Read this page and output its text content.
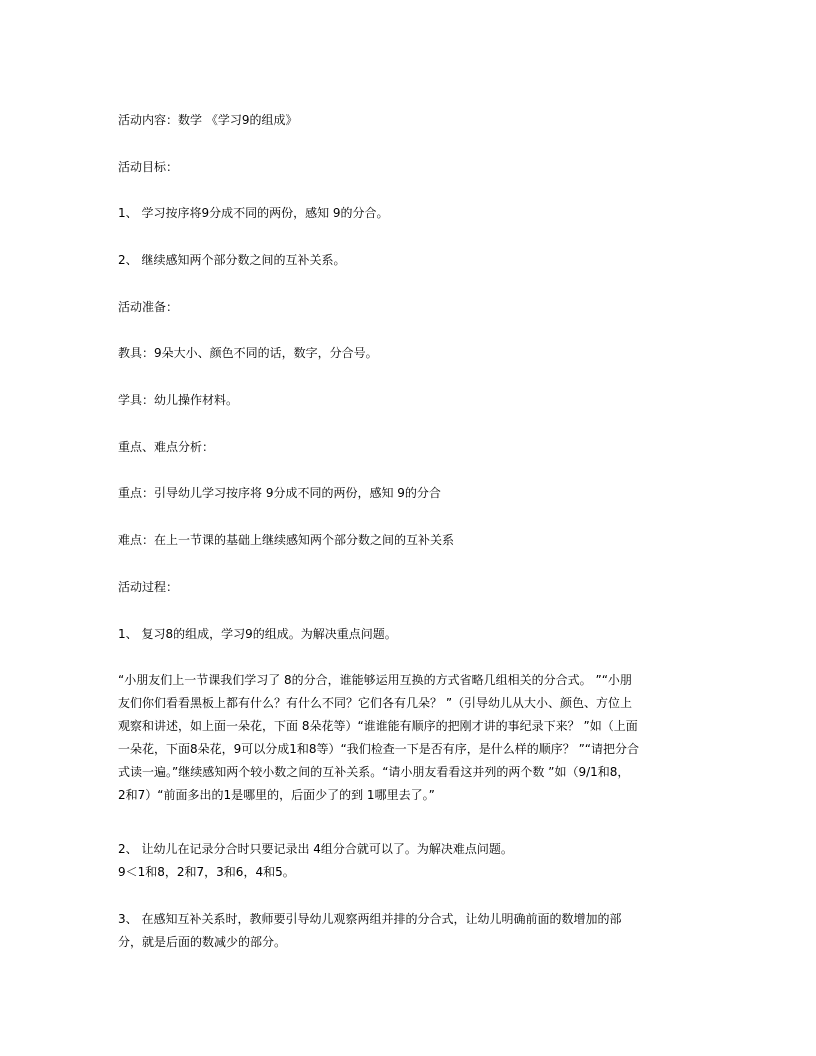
活动内容：数学 《学习9的组成》

活动目标：

1、 学习按序将9分成不同的两份，感知 9的分合。

2、 继续感知两个部分数之间的互补关系。

活动准备：

教具：9朵大小、颜色不同的话，数字，分合号。

学具：幼儿操作材料。

重点、难点分析：

重点：引导幼儿学习按序将 9分成不同的两份，感知 9的分合

难点：在上一节课的基础上继续感知两个部分数之间的互补关系

活动过程：

1、 复习8的组成，学习9的组成。为解决重点问题。

“小朋友们上一节课我们学习了 8的分合，谁能够运用互换的方式省略几组相关的分合式。 ”“小朋
友们你们看看黑板上都有什么？有什么不同？它们各有几朵？ ”（引导幼儿从大小、颜色、方位上
观察和讲述，如上面一朵花，下面 8朵花等）“谁谁能有顺序的把刚才讲的事纪录下来？ ”如（上面
一朵花，下面8朵花，9可以分成1和8等）“我们检查一下是否有序，是什么样的顺序？ ”“请把分合
式读一遍。”继续感知两个较小数之间的互补关系。“请小朋友看看这并列的两个数 ”如（9/1和8，
2和7）“前面多出的1是哪里的，后面少了的到 1哪里去了。”
2、 让幼儿在记录分合时只要记录出 4组分合就可以了。为解决难点问题。
9＜1和8，2和7，3和6，4和5。
3、 在感知互补关系时，教师要引导幼儿观察两组并排的分合式，让幼儿明确前面的数增加的部
分，就是后面的数减少的部分。
